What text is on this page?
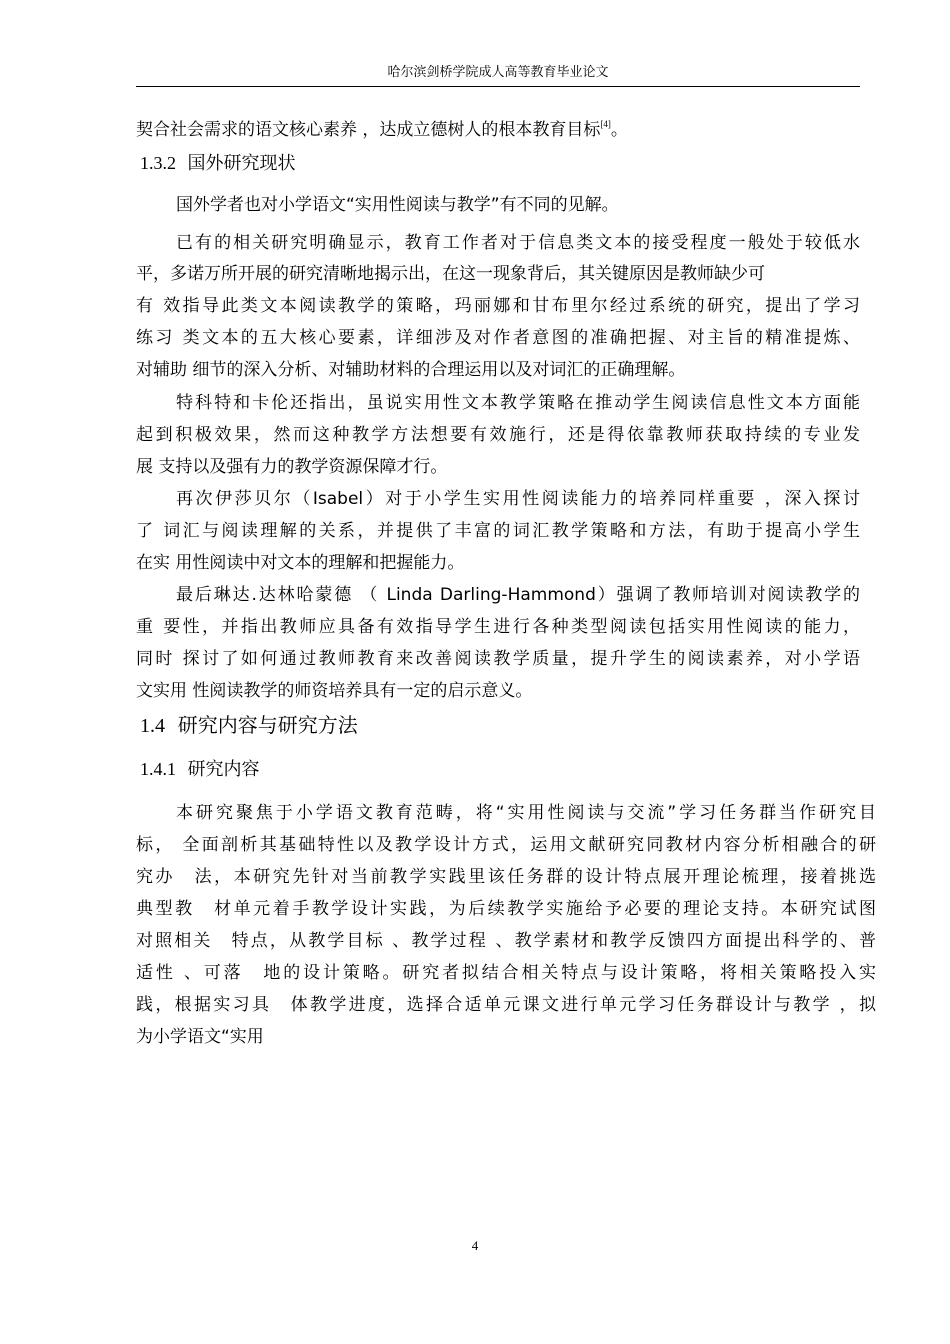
哈尔滨剑桥学院成人高等教育毕业论文
契合社会需求的语文核心素养 ，达成立德树人的根本教育目标[4]。
1.3.2 国外研究现状
国外学者也对小学语文“实用性阅读与教学”有不同的见解。
已有的相关研究明确显示，教育工作者对于信息类文本的接受程度一般处于较低水
平，多诺万所开展的研究清晰地揭示出，在这一现象背后，其关键原因是教师缺少可
有 效指导此类文本阅读教学的策略，玛丽娜和甘布里尔经过系统的研究，提出了学习
练习 类文本的五大核心要素，详细涉及对作者意图的准确把握、对主旨的精准提炼、
对辅助 细节的深入分析、对辅助材料的合理运用以及对词汇的正确理解。
特科特和卡伦还指出，虽说实用性文本教学策略在推动学生阅读信息性文本方面能
起到积极效果，然而这种教学方法想要有效施行，还是得依靠教师获取持续的专业发
展 支持以及强有力的教学资源保障才行。
再次伊莎贝尔（Isabel）对于小学生实用性阅读能力的培养同样重要 ，深入探讨
了 词汇与阅读理解的关系，并提供了丰富的词汇教学策略和方法，有助于提高小学生
在实 用性阅读中对文本的理解和把握能力。
最后琳达.达林哈蒙德 （ Linda Darling-Hammond）强调了教师培训对阅读教学的
重 要性，并指出教师应具备有效指导学生进行各种类型阅读包括实用性阅读的能力，
同时 探讨了如何通过教师教育来改善阅读教学质量，提升学生的阅读素养，对小学语
文实用 性阅读教学的师资培养具有一定的启示意义。
1.4 研究内容与研究方法
1.4.1 研究内容
本研究聚焦于小学语文教育范畴，将“实用性阅读与交流”学习任务群当作研究目
标， 全面剖析其基础特性以及教学设计方式，运用文献研究同教材内容分析相融合的研
究办　法，本研究先针对当前教学实践里该任务群的设计特点展开理论梳理，接着挑选
典型教　材单元着手教学设计实践，为后续教学实施给予必要的理论支持。本研究试图
对照相关　特点，从教学目标 、教学过程 、教学素材和教学反馈四方面提出科学的、普
适性 、可落　地的设计策略。研究者拟结合相关特点与设计策略，将相关策略投入实
践，根据实习具　体教学进度，选择合适单元课文进行单元学习任务群设计与教学 ，拟
为小学语文“实用
4
